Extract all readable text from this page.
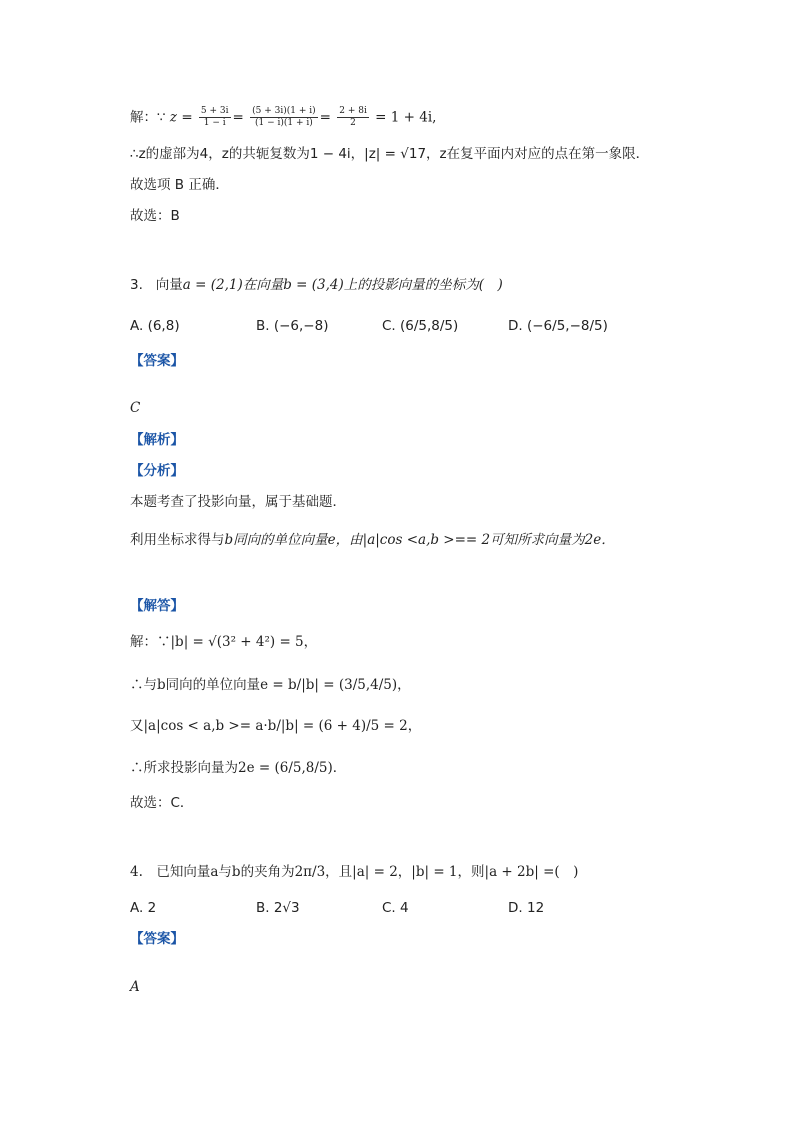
解：∵ $z = \frac{5 + 3i}{1 - i} = \frac{(5 + 3i)(1 + i)}{(1 - i)(1 + i)} = \frac{2 + 8i}{2} = 1 + 4i$,
∴z的虚部为4，z的共轭复数为1 − 4i，|z| = √17，z在复平面内对应的点在第一象限．
故选项 B 正确．
故选：B
3. 向量a = (2,1)在向量b = (3,4)上的投影向量的坐标为(　)
A. (6,8)	B. (−6,−8)	C. (6/5,8/5)	D. (−6/5,−8/5)
【答案】
C
【解析】
【分析】
本题考查了投影向量，属于基础题．
利用坐标求得与b同向的单位向量e，由|a|cos <a,b >== 2可知所求向量为2e．
【解答】
解：∵|b| = √(3² + 4²) = 5，
∴与b同向的单位向量e = b/|b| = (3/5,4/5)，
又|a|cos < a,b >= a·b/|b| = (6 + 4)/5 = 2，
∴所求投影向量为2e = (6/5,8/5)．
故选：C．
4.　已知向量a与b的夹角为2π/3，且|a| = 2，|b| = 1，则|a + 2b| =(　)
A. 2	B. 2√3	C. 4	D. 12
【答案】
A
